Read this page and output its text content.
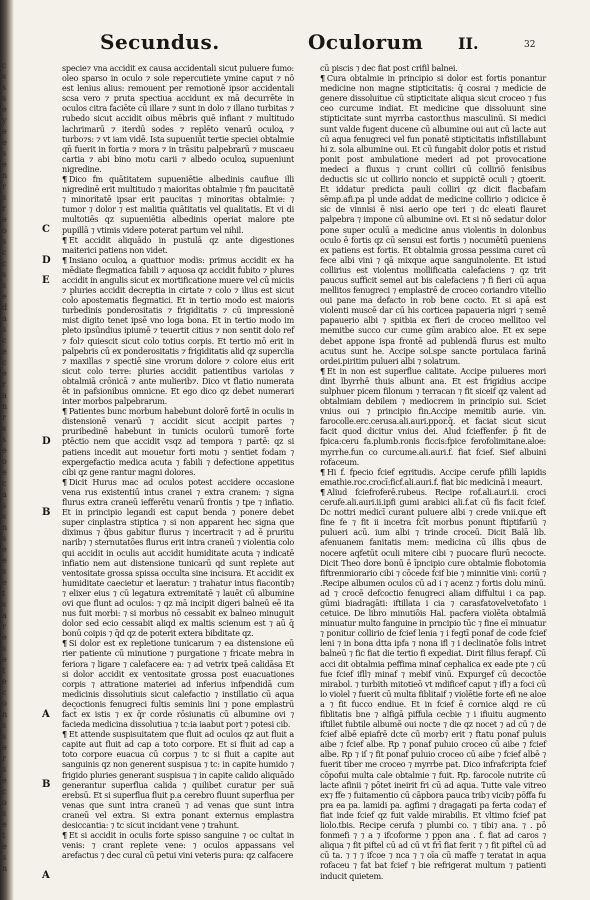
c
s
s
s
e
y
e
e
s
e
n
r
s
r
e
o
s
c
c
s
s
e
d
a
s
c
e
c
e
r
a
n
r
s
s
e
o
e
c
a
s
s
n
s
e
e
s
e
t
s
a
r
e
s
e
t
e
c
o
n
s
s
e
r
s
e
c
o
s
e
t
e
s
n
Secundus.	Oculorum II.	32
C
D
E
D
B
A
B
A

specie⁊ vna accidit ex causa accidentali sicut puluere fumo: oleo sparso in oculo ⁊ sole repercutiete ymine caput ⁊ nō est lenius alius: remouent per remotionē ipsor accidentali scsa vero ⁊ pruta spectiua accidunt ex mā decurrēte in oculos citra faciēte cū illare ⁊ sunt in dolo ⁊ illano turbitas ⁊ rubedo sicut accidit oibus mēbris quē infiant ⁊ multitudo lachrimarū ⁊ iterdū sodes ⁊ replēto venarū oculoꝝ ⁊ turbo⁊s: ⁊ vt iam vidē. Ista supueniūt tertie speciei obtalmie qn̄ fuerit in fortia ⁊ mora ⁊ in trāsitu palpebrarū ⁊ muscaeu cartia ⁊ abi bino motu carii ⁊ albedo oculoꝝ supueniunt nigredine.

¶ Dico fm quātitatem supueniētie albedinis caufiue illi nigredinē erit multitudo ⁊ maioritas obtalmie ⁊ fm paucitatē ⁊ minoritatē ipsar erit paucitas ⁊ minoritas obtalmie: ⁊ tumor ⁊ dolor ⁊ est malitia quātitatis vel qualitatis. Et vi di multotiēs qz supueniētia albedinis operiat malore pte pupillā ⁊ vtimis videre poterat partum vel nihil.

¶ Et accidit aliquādo in pustulā qz ante digestiones maiterici patiens non videt.

¶ Insiano oculoꝝ a quattuor modis: primus accidit ex ha mēdiate flegmatica fabili ⁊ aquosa qz accidit fubito ⁊ plures accidit in angulis sicut ex mortificatione muere vel cū miciis ⁊ pluries accidit decreptia in cirtate ⁊ colo ⁊ ilius est sicut colo apostematis flegmatici. Et in tertio modo est maioris turbedinis ponderositatis ⁊ frigiditatis ⁊ cū impressionē mist digito tenet ipsē vno loga bona. Et in tertio modo im pleto ipsūndius ipiumē ⁊ teuertit citius ⁊ non sentit dolo ref ⁊ fol⁊ quiescit sicut colo totius corpis. Et tertio mō erit in palpebris cū ex ponderositatis ⁊ frigiditatis alid qz superclia ⁊ maxillas ⁊ spectiē sine vrorum dolore ⁊ colore eius erit sicut colo terre: pluries accidit patientibus variolas ⁊ obtalmiā crōnicā ⁊ ante mulierib⁊. Dico vt flatio numerata ēt in pafsionibus omnicne. Et ego dico qz debet numerari inter morbos palpebrarum.

¶ Patientes bunc morbum habebunt dolorē fortē in oculis in distensionē venarū ⁊ accidit sicut accipit partes ⁊ pruribedinē habebunt in tunicis oculorū tumorē forte ptēctio nem que accidit vsqz ad tempora ⁊ partē: qz si patiens incedit aut mouetur forti motu ⁊ sentiet fodam ⁊ expergefactio medica acuta ⁊ fabili ⁊ defectione appetitus cibi qz gene rantur magni dolores.

¶ Dicit Hurus mac ad oculos potest accidere occasione vena rus existentiū intus cranei ⁊ extra cranem: ⁊ signa flurus extra craneū iefferētu venarū frontis ⁊ tpe ⁊ infiatio. Et in principio legandi est caput benda ⁊ ponere debet super cinplastra stiptica ⁊ si non apparent hec signa que diximus ⁊ q̄bus gabitur flurus ⁊ incertracit ⁊ ad ē pruritu narib⁊ ⁊ sternutatōes flurus erit intra craneū ⁊ violentia colo qui accidit in oculis aut accidit humiditate acuta ⁊ indicatē infiatio nem aut distensione tunicarū qd sunt replete aut ventositate grossa spissa occulta sine incisura. Et accidit ex humiditate caecietur et laeratur: ⁊ trahatur intus fiacontib⁊ ⁊ elixer eius ⁊ cū legatura extremitatē ⁊ lauēt cū albumine ovi que flunt ad oculos: ⁊ qz mā incipit digeri balneū eē ita nus fuit morbi: ⁊ si morbus nō cessabit ex balneo minuguit dolor sed ecio cessabit aliqd ex maltis scienum est ⁊ aū q̄ bonū coipis ⁊ q̄d qz de poterit extera bibditate qz.

¶ Si dolor est ex repletione tunicarum ⁊ ea distensione eū rier patiente cū minutione ⁊ purgatione ⁊ fricate mebra in feriora ⁊ ligare ⁊ calefacere ea: ⁊ ad vetrix tpeā calidāsa Et si dolor accidit ex ventositate grossa post euacuationes corpis ⁊ attratione materiei ad inferius infpendidā cum medicinis dissolutiuis sicut calefactio ⁊ instillatio cū aqua decoctionis fenugreci fultis seminis lini ⁊ pone emplastrū fact̄ ex istis ⁊ ex q̄r corde rōsiunatis cū albumine ovi ⁊ facieda medicina dissolutiua ⁊ tc:ia iaabut port ⁊ potesi cib.

¶ Et attende suspisuitatem que fluit ad oculos qz aut fluit a capite aut fluit ad cap a toto corpore. Et si fluit ad cap a toto corpore euacua cū corpus ⁊ tc si fluit a capite aut sanguinis qz non generent suspisua ⁊ tc: in capite humido ⁊ frigido pluries generant suspisua ⁊ in capite calido aliquādo generantur superflua calida ⁊ quilibet curatur per suā erebsū. Et si superflua fluit p.a cerebro fluunt superflua per venas que sunt intra craneū ⁊ ad venas que sunt intra craneū vel extra. Si extra ponant externus emplastra desiccantia: ⁊ tc sicut incidant vene ⁊ trahunt.

¶ Et si accidit in oculis forte spisso sanguine ⁊ oc cultat in venis: ⁊ crant replete vene: ⁊ oculos appassans vel arefactus ⁊ dec cural cū petui vini veteris pura: qz calfacere

cū piscis ⁊ dec fiat post crifil balnei.

¶ Cura obtalmie in principio si dolor est fortis ponantur medicine non magne stipticitatis: q̄ cosrai ⁊ medicie de genere dissoluitue cū stipticitate aliqua sicut croceo ⁊ fus ceo curcume indiat. Et medicine que dissoluunt sine stipticitate sunt myrrba castor.thus masculinū. Si medici sunt valde fugent ducene cū albumine oui aut cū lacte aut cū aqua fenugreci vel fun ponatē stipticitatis infistillabunt hi z. sola albumine oui. Et cū fungabit dolor potis et ristud ponit post ambulatione mederi ad pot provocatione medeci a fluxus ⁊ crunt colliri cū colliriō fenisibus deductis sic ut collirio noncio et suppictē oculi ⁊ gtoerit. Et iddatur predicta pauli colliri qz dicit flacbafam sēmp.afi.pa pl unde addat de medicine collirio ⁊ odicice ē sic de vinnisi ē nisi aerio ope teri ⁊ dc eleati flauret palpebra ⁊ impone cū albumine ovi. Et si nō sedatur dolor pone super oculū a medicine anus violentis in dolonbus oculo ē fortis qz cū sensui est fortis ⁊ nocumētū pueniens ex patiens est fortis. Et obtalmia grossa pessima curet cū fece albi vini ⁊ qā mixque aque sanguinolente. Et istud collirius est violentus mollificatia calefaciens ⁊ qz trit paucus sufficit semel aut bis calefaciens ⁊ fi fieri cū aqua mellitos fenugreci ⁊ emplastrē de croceo coriandro vitellio oui pane ma defacto in rob bene cocto. Et si apā est violenti muscē dar cū his corticea papaueria nigri ⁊ semē papauerio albi ⁊ spitbia ex fieri de croceo mellitoo vel memitbe succo cur cume gūm arabico aloe. Et ex sepe debet appone ispa frontē ad publendā flurus est multo acutus sunt he. Accipe sol.spe sancte portulaca farinā ordei.piritim pulueri albi ⁊ solatrum.

¶ Et in non est superflue calitate. Accipe pulueres mori dint lbyrrhē thuis albunt ana. Et est frigidius accipe sulphuer picem filonum ⁊ terracan ⁊ fit siceif qz valent ad obtalmiam debilem ⁊ mediocrem in principio sui. Sciet vnius oui ⁊ principio fin.Accipe memitib aurie. vin. farocolle.erc.cerusa.ali.auri.ppor.q̄. et faciat sicut sicut facit quod dicitur vnius dei. Alud fcieffenfer. p̄ fit de fpica:ceru fa.plumb.ronis ficcis:fpice ferofolimitane.aloe: myrrhe.fun co curcume.ali.auri.f. fiat fcief. Sief albuini rofaceum.

¶ Hi f. fpecio fcief egritudis. Accipe cerufe pfilli lapidis emathie.roc.crocī:ficf.ali.auri.f. fiat bic medicinā i meaurt.

¶ Aliud fciefroferē.rubeus. Recipe rof.ali.auri.ii. croci cerufe.ali.auri.ii.ipfi gumi arabici ali.f.at cū fis facit fcief. Dc nottri medicī curant puluere albi ⁊ crede vnii.que eft fine fe ⁊ fit ii incetra fcīt morbus ponunt ftiptifariū ⁊ pulueri acū. ium albi ⁊ trinde croceū. Dicit Balā lib. afenuanem fanitatis mem: medicina cū illis qbus de nocere aqfetūt oculi mitere cibi ⁊ puocare flurū necocte. Dicit Theo dore bonū ē īpncipio cure obtalmie flobotomia fiftrenmiorario cibi ⁊ cōcede fcif bie ⁊ minnitie vini: coriū ⁊ .Recipe albumen oculos cū ad i ⁊ acenz ⁊ fortis dolu minū. ad ⁊ crocē defcoctio fenugreci aliam diffultui i ca pap. gūmi biadragāti: iftillata i cia ⁊ carasfatovelvetofato i cetuice. De libro minutiōis Hal. pacfera violēta obtalmiā minuatur multo fanguine in prncipio tūc ⁊ fine eī minuatur ⁊ ponitur collirio de fcief lenia ⁊ i fegtī ponaf de code fcief leni ⁊ in bona dtta ipfa ⁊ nona ifl ⁊ i declinatōe folis intret balneū ⁊ fic fiat die tertio fi expediat. Dirit filius ferapf. Cū acci dit obtalmia peffima minaf cephalica ex eade pte ⁊ cū fue fcief ifll⁊ minaf ⁊ mebif vinū. Expurgef cū decoctōe mirabol. ⁊ turbith mitotieō vt mdificef caput ⁊ ifl⁊ a foci cū lo violel ⁊ fuerit cū multa fiblitaif ⁊ violētie forte efi ne aloe a ⁊ fit fucco endiue. Et in fcief ē cornice alqd re cū fiblitatis bne ⁊ alfigā piffula cecbie ⁊ i ifiuitu augmento iftillet fubtile albumē oui nocte ⁊ die qz nocet ⁊ ad cū ⁊ de fcief albē epiafrē dcte cū morb⁊ erit ⁊ ftatu ponaf puluis aibe ⁊ fcief albe. Rp ⁊ ponaf puluio croceo cū aibe ⁊ fcief albe. Rp ⁊ iſ ⁊ fit ponaf puluio croceo cū aibe ⁊ fcief albē ⁊ fuerit tiber me croceo ⁊ myrrbe pat. Dico infrafcripta fcief cōpofui multa cale obtalmie ⁊ fuit. Rp. farocole nutrite cū lacte afinii ⁊ pōtet ineirit fri cū ad aqua. Tutte vale vitreo ex⁊ ffe ⁊ fuitamentio cū cāpbora pauca trib⁊ vicib⁊ pōffa fu pra ea pa. lamidi pa. agfimi ⁊ dragagati pa ferta coda⁊ ef fiat inde fcief qz fuit valde mirabilis. Et vltimo fcief pat liolo.tbis. Recipe cerufa ⁊ plumbi co. ⁊ tibi⁊ ana. ⁊ . pō fonmefi ⁊ ⁊ a ⁊ ifcoforme ⁊ ppon ana . f. fiat ad caros ⁊ aliqua ⁊ fit piftel cū ad cū vt frī fiat ferit ⁊ ⁊ fit piftel cū ad cū ta. ⁊ ⁊ ⁊ ifcoe ⁊ nca ⁊ ⁊ oīa cū maffe ⁊ teratat in aqua rofaceu ⁊ fat bat fcief ⁊ bie refrigerat multum ⁊ patienti inducit quietem.
